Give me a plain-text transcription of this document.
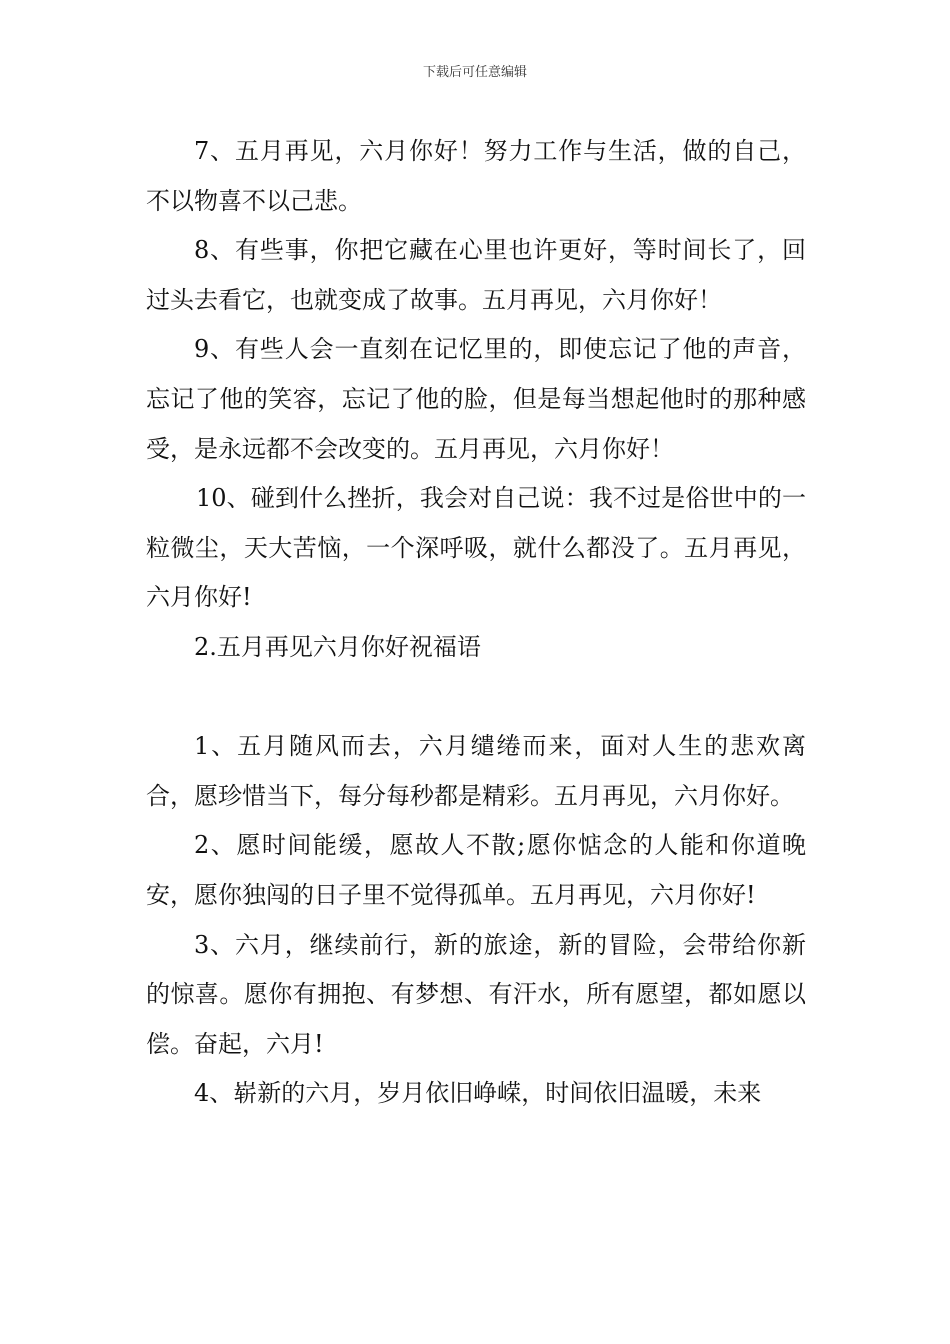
下载后可任意编辑

7、五月再见，六月你好！努力工作与生活，做的自己，不以物喜不以己悲。

8、有些事，你把它藏在心里也许更好，等时间长了，回过头去看它，也就变成了故事。五月再见，六月你好！

9、有些人会一直刻在记忆里的，即使忘记了他的声音，忘记了他的笑容，忘记了他的脸，但是每当想起他时的那种感受，是永远都不会改变的。五月再见，六月你好！

10、碰到什么挫折，我会对自己说：我不过是俗世中的一粒微尘，天大苦恼，一个深呼吸，就什么都没了。五月再见，六月你好!

2.五月再见六月你好祝福语

1、五月随风而去，六月缱绻而来，面对人生的悲欢离合，愿珍惜当下，每分每秒都是精彩。五月再见，六月你好。

2、愿时间能缓，愿故人不散;愿你惦念的人能和你道晚安，愿你独闯的日子里不觉得孤单。五月再见，六月你好!

3、六月，继续前行，新的旅途，新的冒险，会带给你新的惊喜。愿你有拥抱、有梦想、有汗水，所有愿望，都如愿以偿。奋起，六月!

4、崭新的六月，岁月依旧峥嵘，时间依旧温暖，未来
